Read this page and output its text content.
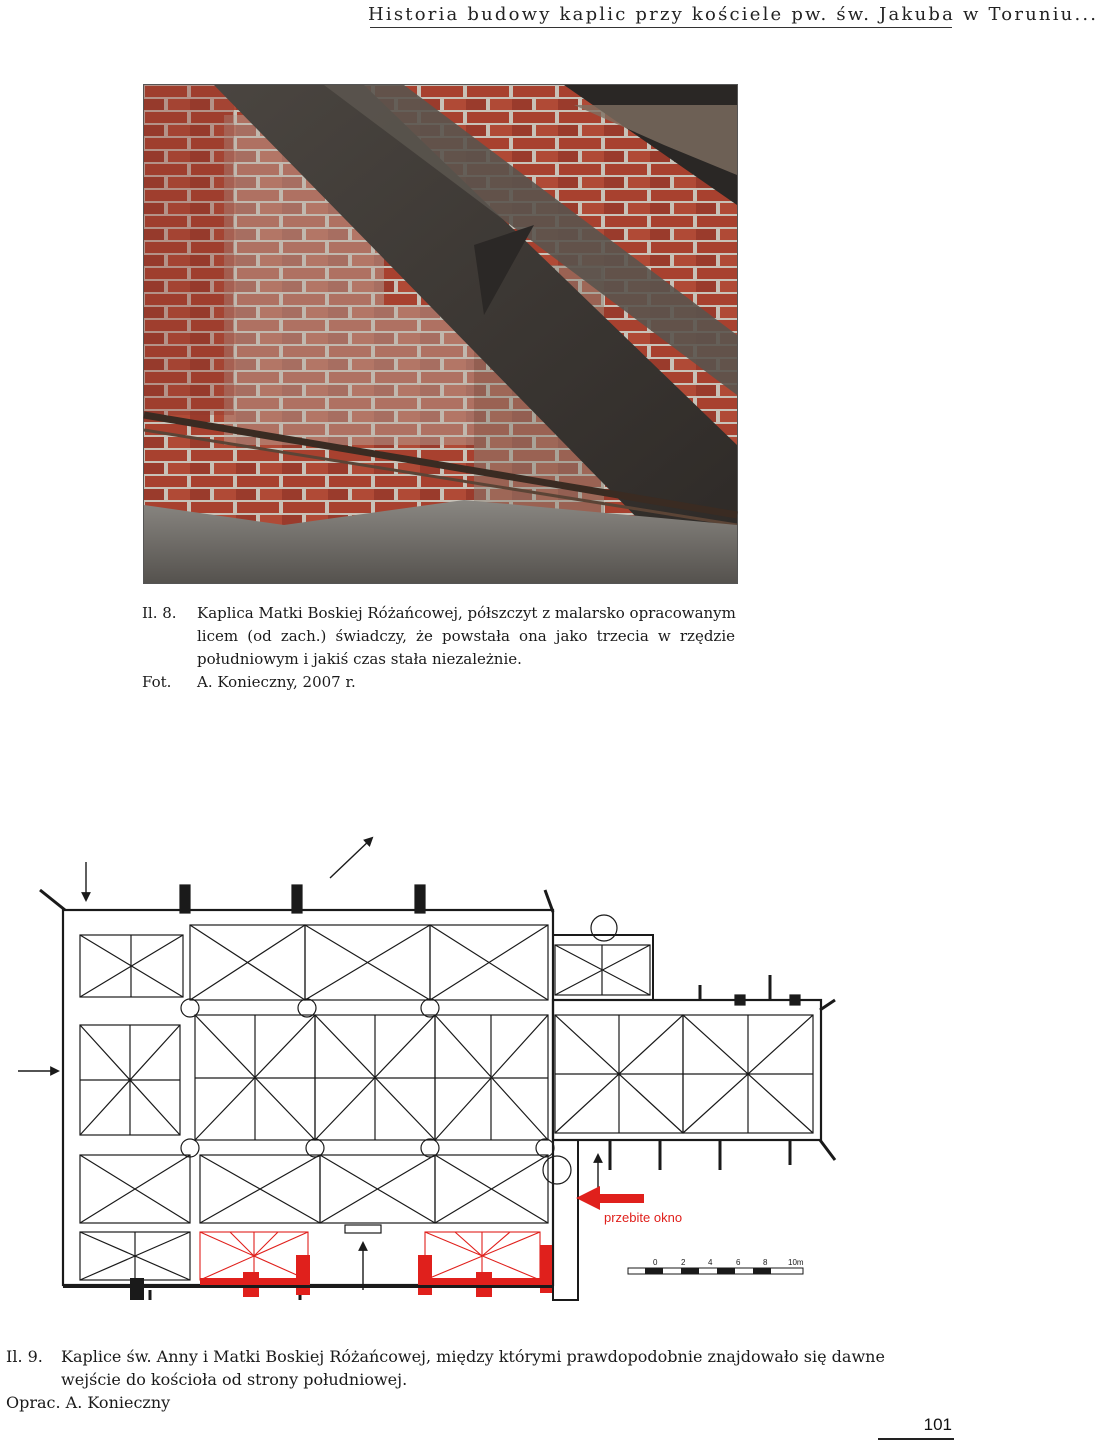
Historia budowy kaplic przy kościele pw. św. Jakuba w Toruniu...
Il. 8. Kaplica Matki Boskiej Różańcowej, półszczyt z malarsko opracowanym
licem (od zach.) świadczy, że powstała ona jako trzecia w rzędzie
południowym i jakiś czas stała niezależnie.
Fot. A. Konieczny, 2007 r.
przebite okno
0	2	4	6	8	10m
Il. 9. Kaplice św. Anny i Matki Boskiej Różańcowej, między którymi prawdopodobnie znajdowało się dawne
wejście do kościoła od strony południowej.
Oprac. A. Konieczny
101
